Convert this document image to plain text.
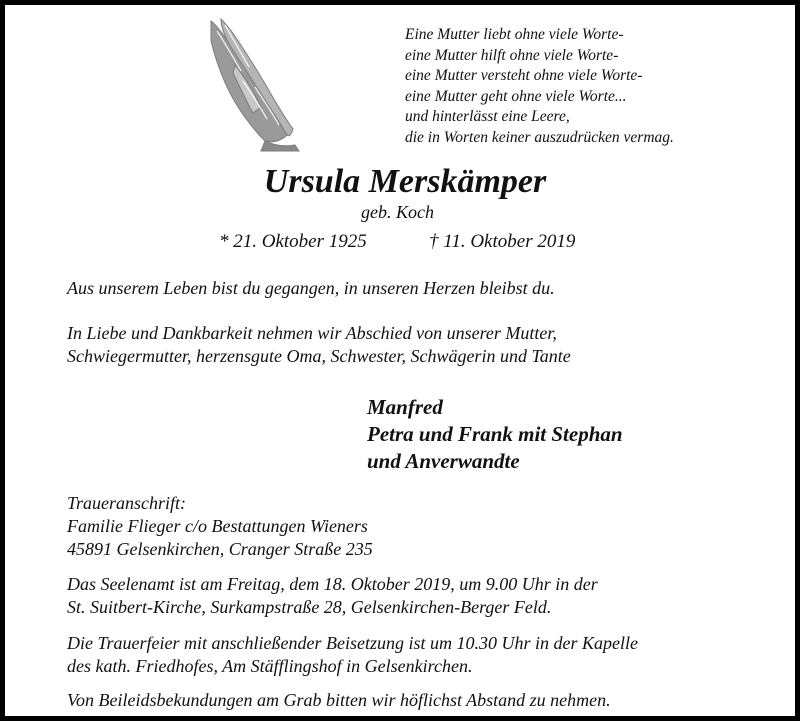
Eine Mutter liebt ohne viele Worte-
eine Mutter hilft ohne viele Worte-
eine Mutter versteht ohne viele Worte-
eine Mutter geht ohne viele Worte...
und hinterlässt eine Leere,
die in Worten keiner auszudrücken vermag.
Ursula Merskämper
geb. Koch
* 21. Oktober 1925	† 11. Oktober 2019
Aus unserem Leben bist du gegangen, in unseren Herzen bleibst du.
In Liebe und Dankbarkeit nehmen wir Abschied von unserer Mutter,
Schwiegermutter, herzensgute Oma, Schwester, Schwägerin und Tante
Manfred
Petra und Frank mit Stephan
und Anverwandte
Traueranschrift:
Familie Flieger c/o Bestattungen Wieners
45891 Gelsenkirchen, Cranger Straße 235
Das Seelenamt ist am Freitag, dem 18. Oktober 2019, um 9.00 Uhr in der
St. Suitbert-Kirche, Surkampstraße 28, Gelsenkirchen-Berger Feld.
Die Trauerfeier mit anschließender Beisetzung ist um 10.30 Uhr in der Kapelle
des kath. Friedhofes, Am Stäfflingshof in Gelsenkirchen.
Von Beileidsbekundungen am Grab bitten wir höflichst Abstand zu nehmen.
